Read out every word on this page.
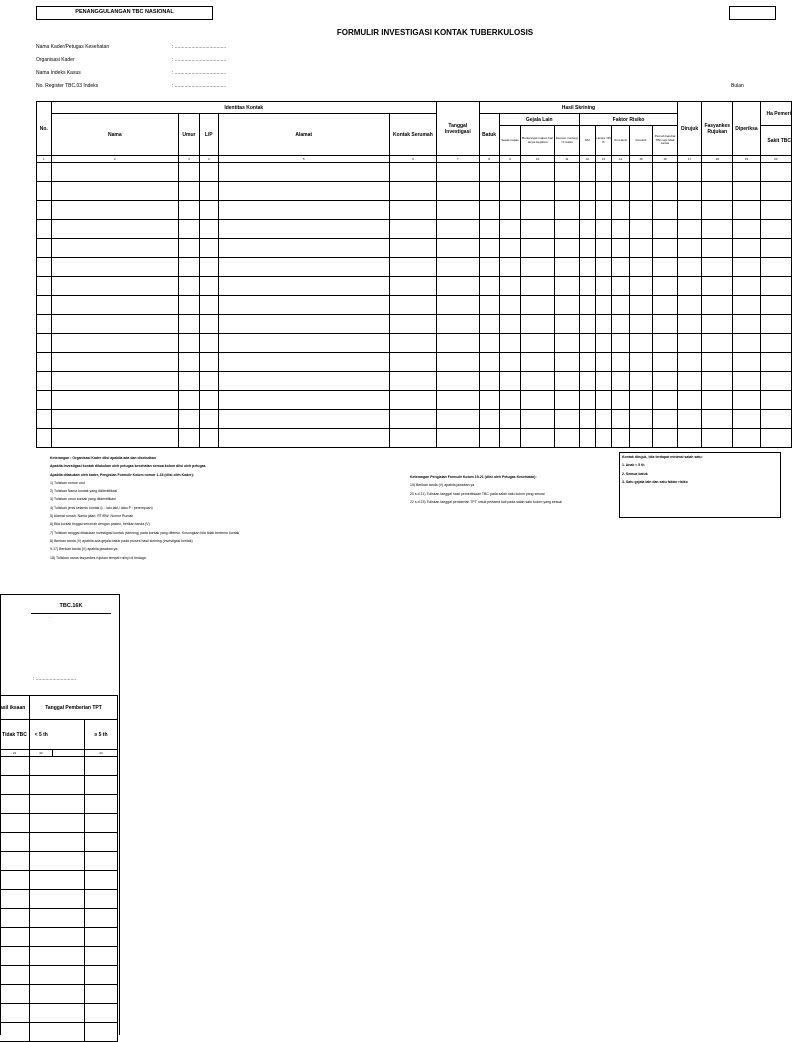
PENANGGULANGAN TBC NASIONAL
FORMULIR INVESTIGASI KONTAK TUBERKULOSIS
Nama Kader/Petugas Kesehatan	: .....................................
Organisasi Kader	: .....................................
Nama Indeks Kasus	: .....................................
No. Register TBC.03 Indeks	: .....................................	Bulan
No.	Identitas Kontak					Tanggal Investigasi	Hasil Skrining									Dirujuk	Fasyankes Rujukan	Diperiksa	Ha Pemeri
	Nama	Umur	L/P	Alamat	Kontak Serumah		Batuk	Gejala Lain			Faktor Risiko								
								Sesak napas	Berkeringat malam hari tanpa kegiatan	Demam meriang >1 bulan	DM	Lansia >65 th	Ibu Hamil	Perokok	Pernah berobat TBC tapi tidak tuntas				Sakit TBC
1	2	3	4	5	6	7	8	9	10	11	12	13	14	15	16	17	18	19	20

Keterangan : Organisasi Kader diisi apabila ada dan disebutkan
Apabila Investigasi kontak dilakukan oleh petugas kesehatan semua kolom diisi oleh petugas
Apabila dilakukan oleh kader, Pengisian Formulir Kolom nomor 1-18 (diisi oleh Kader):
1) Tuliskan nomor urut
2) Tuliskan Nama kontak yang diidentifikasi
3) Tuliskan umur kontak yang diidentifikasi
4) Tuliskan jenis kelamin kontak (L : laki-laki,/ atau P : perempuan)
5) Alamat rumah: Nama jalan; RT/RW; Nomor Rumah
6) Bila kontak tinggal serumah dengan pasien, berikan tanda (V)
7) Tuliskan tanggal dilakukan investigasi kontak (skrining) pada kontak yang ditemui. Kosongkan bila tidak bertemu kontak
8) Berikan tanda (V) apabila ada gejala batuk pada proses hasil skrining (investigasi kontak)
9-17) Berikan tanda (V) apabila jawaban ya
18) Tuliskan nama fasyankes rujukan tempat rniinyi di tindaga
Keterangan Pengisian Formulir Kolom 19-21 (diisi oleh Petugas Kesehatan):
19) Berikan tanda (V) apabila jawaban ya
20 s.d 21) Tuliskan tanggal hasil pemeriksaan TBC pada salah satu kolom yang sesuai
22 s.d 23) Tuliskan tanggal pemberian TPT untuk pertama kali pada salah satu kolom yang sesuai
Kontak dirujuk, bila terdapat minimal salah satu:
1. Anak < 5 th
2. Semua batuk
3. Satu gejala lain dan satu faktor risiko
TBC.16K
...
: .............................
asil iksaan	Tanggal Pemberian TPT		
Tidak TBC	< 5 th		≥ 5 th
21	22		23
